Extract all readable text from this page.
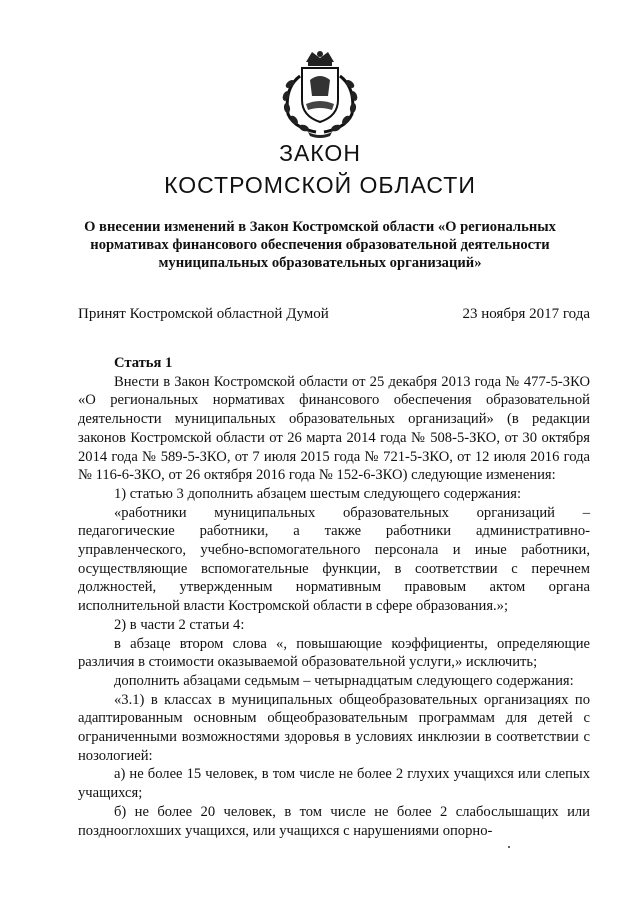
ЗАКОН
КОСТРОМСКОЙ ОБЛАСТИ
О внесении изменений в Закон Костромской области «О региональных нормативах финансового обеспечения образовательной деятельности муниципальных образовательных организаций»
Принят Костромской областной Думой	23 ноября 2017 года

Статья 1

Внести в Закон Костромской области от 25 декабря 2013 года № 477-5-ЗКО «О региональных нормативах финансового обеспечения образовательной деятельности муниципальных образовательных организаций» (в редакции законов Костромской области от 26 марта 2014 года № 508-5-ЗКО, от 30 октября 2014 года № 589-5-ЗКО, от 7 июля 2015 года № 721-5-ЗКО, от 12 июля 2016 года № 116-6-ЗКО, от 26 октября 2016 года № 152-6-ЗКО) следующие изменения:

1) статью 3 дополнить абзацем шестым следующего содержания:

«работники муниципальных образовательных организаций – педагогические работники, а также работники административно-управленческого, учебно-вспомогательного персонала и иные работники, осуществляющие вспомогательные функции, в соответствии с перечнем должностей, утвержденным нормативным правовым актом органа исполнительной власти Костромской области в сфере образования.»;

2) в части 2 статьи 4:

в абзаце втором слова «, повышающие коэффициенты, определяющие различия в стоимости оказываемой образовательной услуги,» исключить;

дополнить абзацами седьмым – четырнадцатым следующего содержания:

«3.1) в классах в муниципальных общеобразовательных организациях по адаптированным основным общеобразовательным программам для детей с ограниченными возможностями здоровья в условиях инклюзии в соответствии с нозологией:

а) не более 15 человек, в том числе не более 2 глухих учащихся или слепых учащихся;

б) не более 20 человек, в том числе не более 2 слабослышащих или позднооглохших учащихся, или учащихся с нарушениями опорно-
